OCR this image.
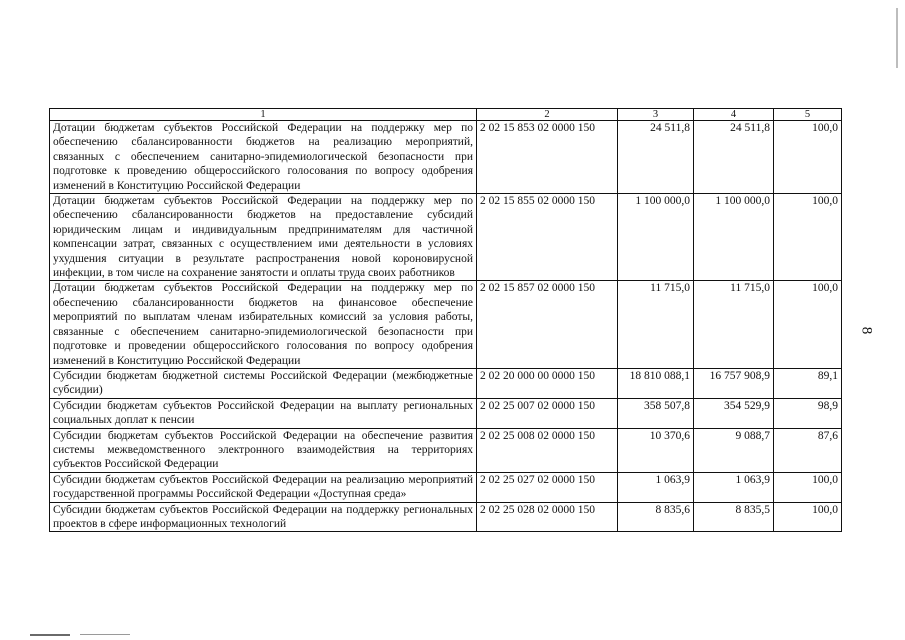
8
1	2	3	4	5
Дотации бюджетам субъектов Российской Федерации на поддержку мер по обеспечению сбалансированности бюджетов на реализацию мероприятий, связанных с обеспечением санитарно-эпидемиологической безопасности при подготовке к проведению общероссийского голосования по вопросу одобрения изменений в Конституцию Российской Федерации	2 02 15 853 02 0000 150	24 511,8	24 511,8	100,0
Дотации бюджетам субъектов Российской Федерации на поддержку мер по обеспечению сбалансированности бюджетов на предоставление субсидий юридическим лицам и индивидуальным предпринимателям для частичной компенсации затрат, связанных с осуществлением ими деятельности в условиях ухудшения ситуации в результате распространения новой короновирусной инфекции, в том числе на сохранение занятости и оплаты труда своих работников	2 02 15 855 02 0000 150	1 100 000,0	1 100 000,0	100,0
Дотации бюджетам субъектов Российской Федерации на поддержку мер по обеспечению сбалансированности бюджетов на финансовое обеспечение мероприятий по выплатам членам избирательных комиссий за условия работы, связанные с обеспечением санитарно-эпидемиологической безопасности при подготовке и проведении общероссийского голосования по вопросу одобрения изменений в Конституцию Российской Федерации	2 02 15 857 02 0000 150	11 715,0	11 715,0	100,0
Субсидии бюджетам бюджетной системы Российской Федерации (межбюджетные субсидии)	2 02 20 000 00 0000 150	18 810 088,1	16 757 908,9	89,1
Субсидии бюджетам субъектов Российской Федерации на выплату региональных социальных доплат к пенсии	2 02 25 007 02 0000 150	358 507,8	354 529,9	98,9
Субсидии бюджетам субъектов Российской Федерации на обеспечение развития системы межведомственного электронного взаимодействия на территориях субъектов Российской Федерации	2 02 25 008 02 0000 150	10 370,6	9 088,7	87,6
Субсидии бюджетам субъектов Российской Федерации на реализацию мероприятий государственной программы Российской Федерации «Доступная среда»	2 02 25 027 02 0000 150	1 063,9	1 063,9	100,0
Субсидии бюджетам субъектов Российской Федерации на поддержку региональных проектов в сфере информационных технологий	2 02 25 028 02 0000 150	8 835,6	8 835,5	100,0
